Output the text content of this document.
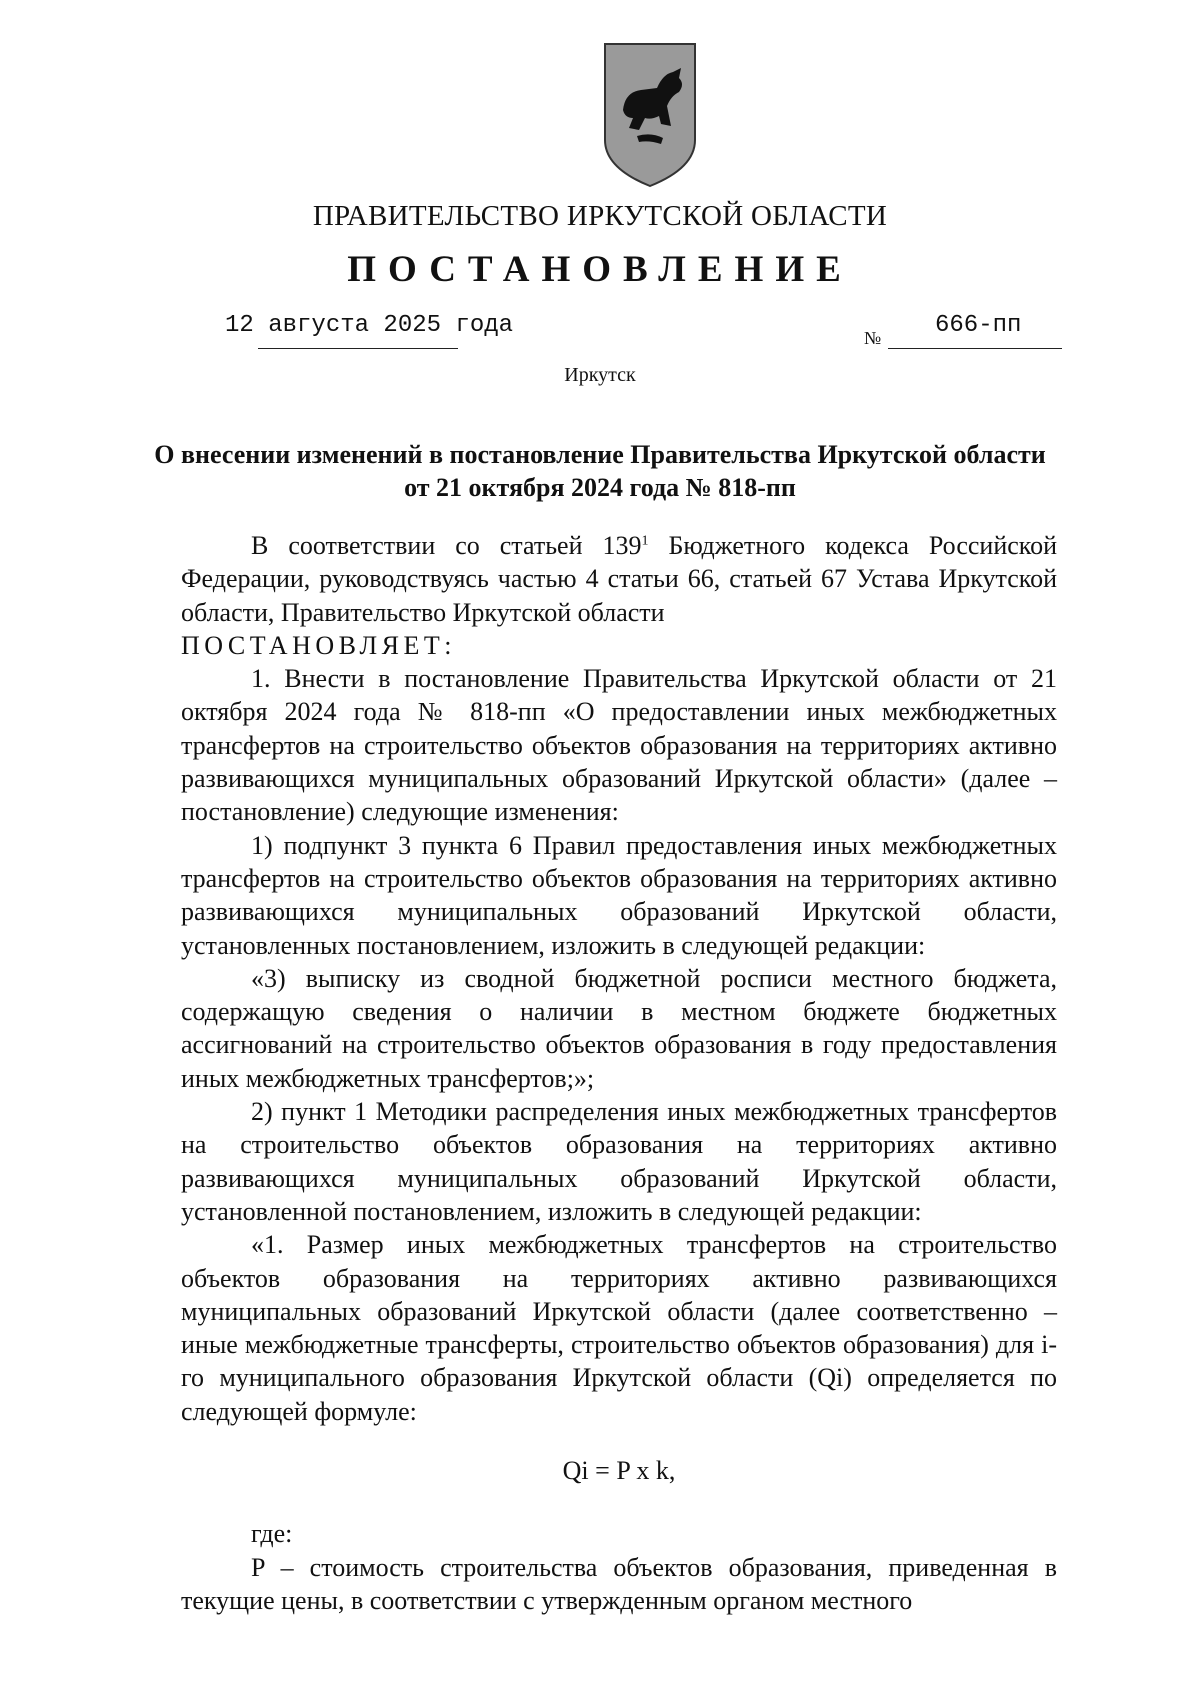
ПРАВИТЕЛЬСТВО ИРКУТСКОЙ ОБЛАСТИ
ПОСТАНОВЛЕНИЕ
12 августа 2025 года	№ 666-пп
Иркутск
О внесении изменений в постановление Правительства Иркутской области
от 21 октября 2024 года № 818-пп

В соответствии со статьей $139^1$ Бюджетного кодекса Российской Федерации, руководствуясь частью 4 статьи 66, статьей 67 Устава Иркутской области, Правительство Иркутской области

ПОСТАНОВЛЯЕТ:

1. Внести в постановление Правительства Иркутской области от 21 октября 2024 года № 818-пп «О предоставлении иных межбюджетных трансфертов на строительство объектов образования на территориях активно развивающихся муниципальных образований Иркутской области» (далее – постановление) следующие изменения:

1) подпункт 3 пункта 6 Правил предоставления иных межбюджетных трансфертов на строительство объектов образования на территориях активно развивающихся муниципальных образований Иркутской области, установленных постановлением, изложить в следующей редакции:

«3) выписку из сводной бюджетной росписи местного бюджета, содержащую сведения о наличии в местном бюджете бюджетных ассигнований на строительство объектов образования в году предоставления иных межбюджетных трансфертов;»;

2) пункт 1 Методики распределения иных межбюджетных трансфертов на строительство объектов образования на территориях активно развивающихся муниципальных образований Иркутской области, установленной постановлением, изложить в следующей редакции:

«1. Размер иных межбюджетных трансфертов на строительство объектов образования на территориях активно развивающихся муниципальных образований Иркутской области (далее соответственно – иные межбюджетные трансферты, строительство объектов образования) для i-го муниципального образования Иркутской области (Qi) определяется по следующей формуле:

Qi = P x k,

где:

P – стоимость строительства объектов образования, приведенная в текущие цены, в соответствии с утвержденным органом местного
